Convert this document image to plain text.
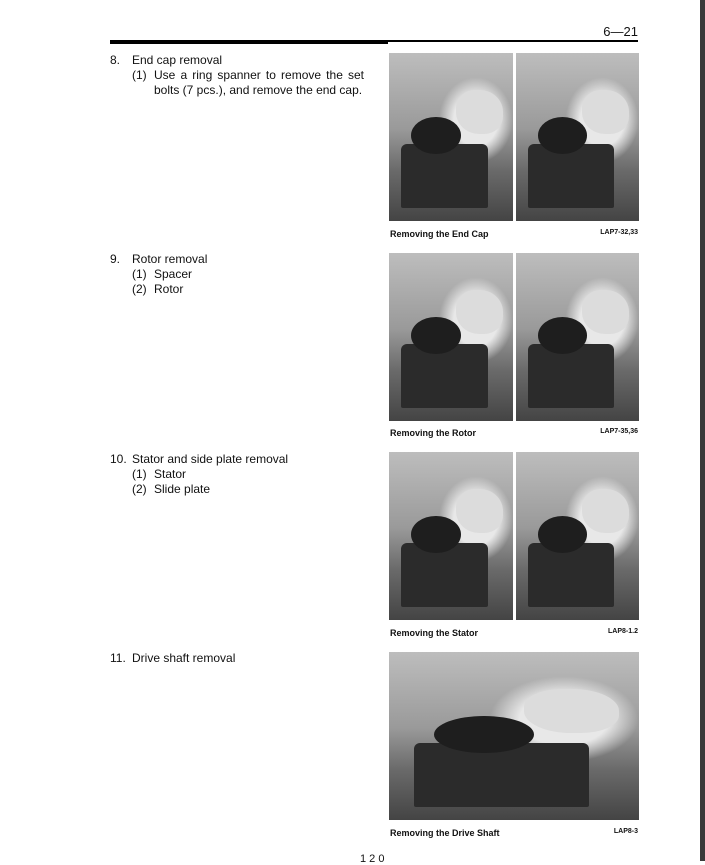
6—21
8. End cap removal
(1) Use a ring spanner to remove the set bolts (7 pcs.), and remove the end cap.
9. Rotor removal
(1) Spacer
(2) Rotor
10. Stator and side plate removal
(1) Stator
(2) Slide plate
11. Drive shaft removal
Removing the End Cap	LAP7-32,33
Removing the Rotor	LAP7-35,36
Removing the Stator	LAP8-1.2
Removing the Drive Shaft	LAP8-3
1 2 0
